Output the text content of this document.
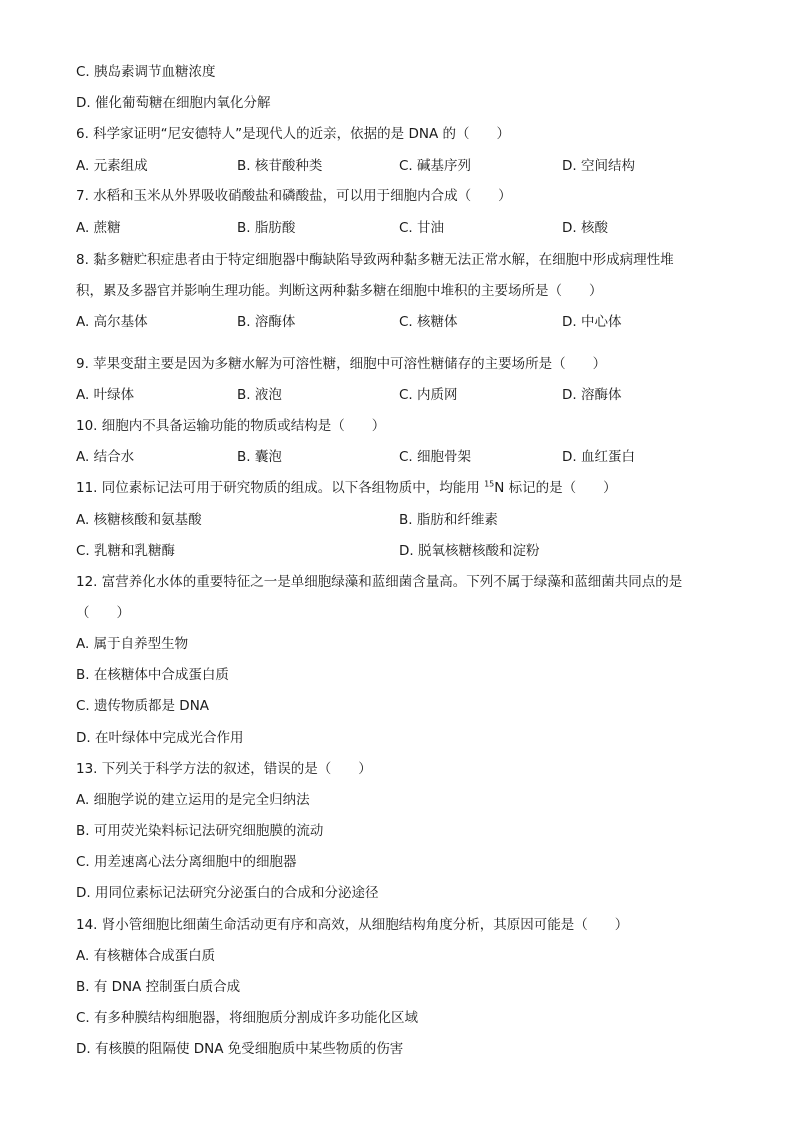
C. 胰岛素调节血糖浓度
D. 催化葡萄糖在细胞内氧化分解
6. 科学家证明“尼安德特人”是现代人的近亲，依据的是 DNA 的（　　）
A. 元素组成	B. 核苷酸种类	C. 碱基序列	D. 空间结构
7. 水稻和玉米从外界吸收硝酸盐和磷酸盐，可以用于细胞内合成（　　）
A. 蔗糖	B. 脂肪酸	C. 甘油	D. 核酸
8. 黏多糖贮积症患者由于特定细胞器中酶缺陷导致两种黏多糖无法正常水解，在细胞中形成病理性堆
积，累及多器官并影响生理功能。判断这两种黏多糖在细胞中堆积的主要场所是（　　）
A. 高尔基体	B. 溶酶体	C. 核糖体	D. 中心体
9. 苹果变甜主要是因为多糖水解为可溶性糖，细胞中可溶性糖储存的主要场所是（　　）
A. 叶绿体	B. 液泡	C. 内质网	D. 溶酶体
10. 细胞内不具备运输功能的物质或结构是（　　）
A. 结合水	B. 囊泡	C. 细胞骨架	D. 血红蛋白
11. 同位素标记法可用于研究物质的组成。以下各组物质中，均能用 $^{15}$N 标记的是（　　）
A. 核糖核酸和氨基酸	B. 脂肪和纤维素
C. 乳糖和乳糖酶	D. 脱氧核糖核酸和淀粉
12. 富营养化水体的重要特征之一是单细胞绿藻和蓝细菌含量高。下列不属于绿藻和蓝细菌共同点的是
（　　）
A. 属于自养型生物
B. 在核糖体中合成蛋白质
C. 遗传物质都是 DNA
D. 在叶绿体中完成光合作用
13. 下列关于科学方法的叙述，错误的是（　　）
A. 细胞学说的建立运用的是完全归纳法
B. 可用荧光染料标记法研究细胞膜的流动
C. 用差速离心法分离细胞中的细胞器
D. 用同位素标记法研究分泌蛋白的合成和分泌途径
14. 肾小管细胞比细菌生命活动更有序和高效，从细胞结构角度分析，其原因可能是（　　）
A. 有核糖体合成蛋白质
B. 有 DNA 控制蛋白质合成
C. 有多种膜结构细胞器，将细胞质分割成许多功能化区域
D. 有核膜的阻隔使 DNA 免受细胞质中某些物质的伤害
